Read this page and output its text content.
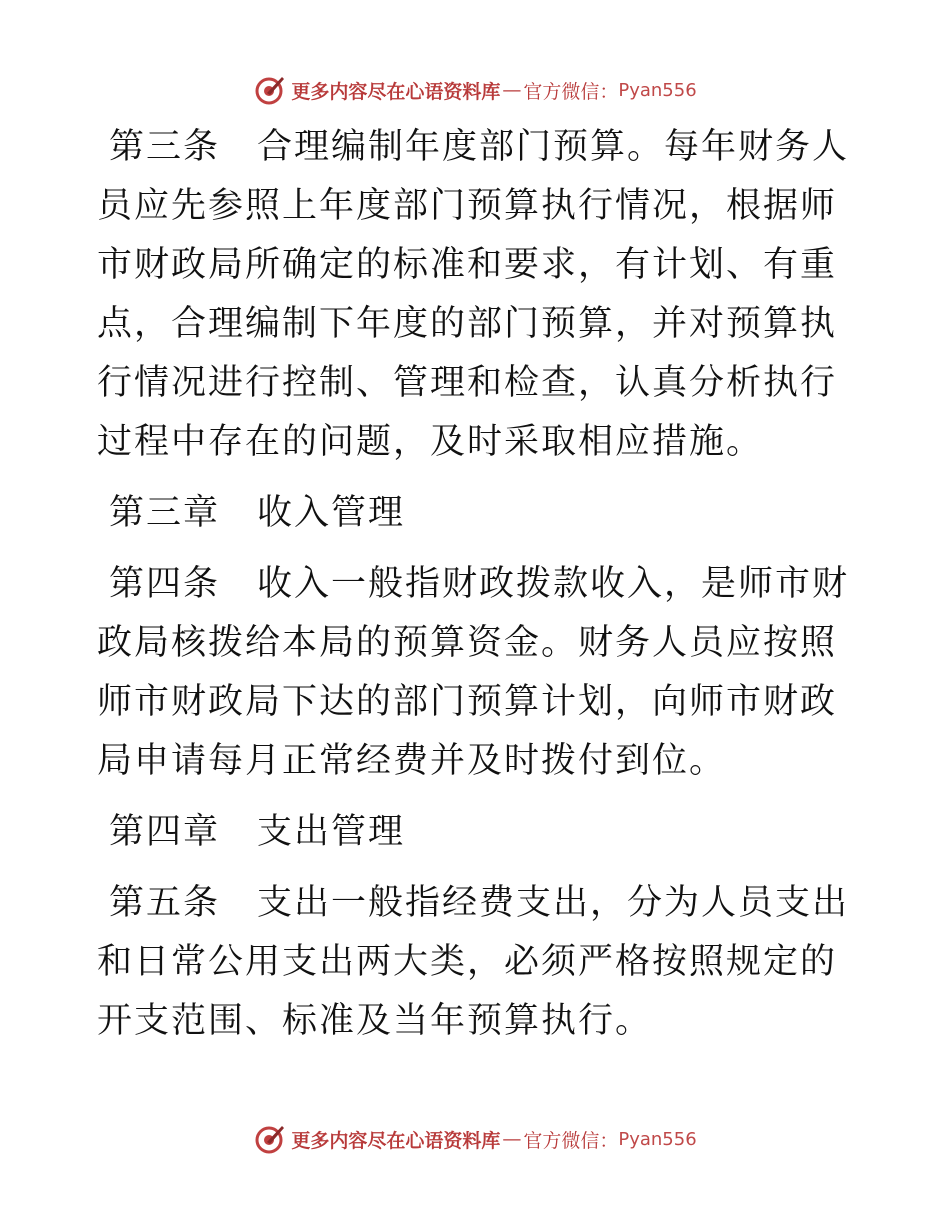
更多内容尽在心语资料库 — 官方微信： Pyan556

第三条　合理编制年度部门预算。每年财务人员应先参照上年度部门预算执行情况，根据师市财政局所确定的标准和要求，有计划、有重点，合理编制下年度的部门预算，并对预算执行情况进行控制、管理和检查，认真分析执行过程中存在的问题，及时采取相应措施。

第三章　收入管理

第四条　收入一般指财政拨款收入，是师市财政局核拨给本局的预算资金。财务人员应按照师市财政局下达的部门预算计划，向师市财政局申请每月正常经费并及时拨付到位。

第四章　支出管理

第五条　支出一般指经费支出，分为人员支出和日常公用支出两大类，必须严格按照规定的开支范围、标准及当年预算执行。

更多内容尽在心语资料库 — 官方微信： Pyan556
